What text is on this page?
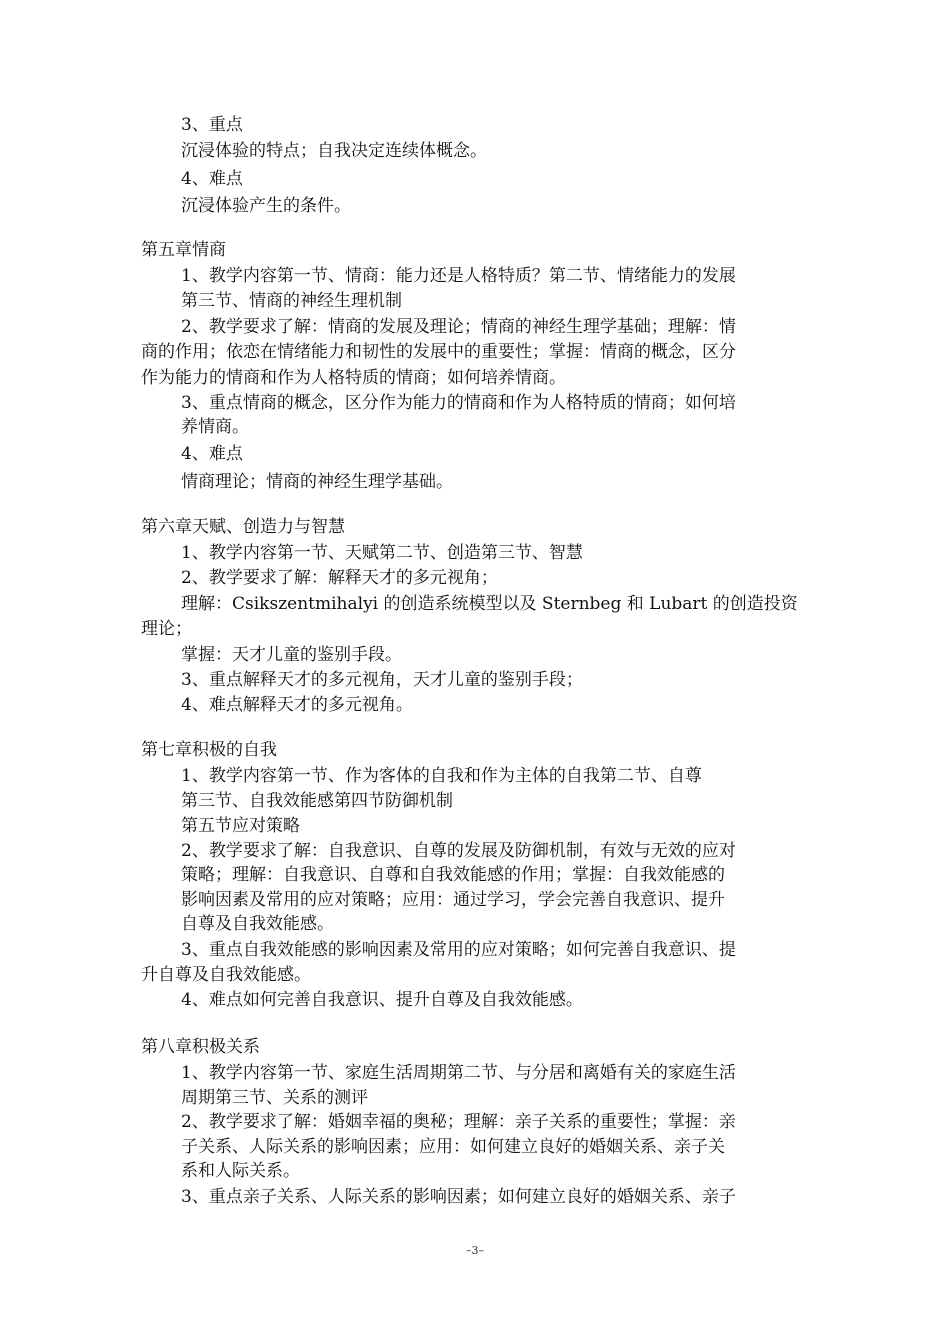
3、重点

沉浸体验的特点；自我决定连续体概念。

4、难点

沉浸体验产生的条件。

第五章情商

1、教学内容第一节、情商：能力还是人格特质？第二节、情绪能力的发展

第三节、情商的神经生理机制

2、教学要求了解：情商的发展及理论；情商的神经生理学基础；理解：情

商的作用；依恋在情绪能力和韧性的发展中的重要性；掌握：情商的概念，区分

作为能力的情商和作为人格特质的情商；如何培养情商。

3、重点情商的概念，区分作为能力的情商和作为人格特质的情商；如何培

养情商。

4、难点

情商理论；情商的神经生理学基础。

第六章天赋、创造力与智慧

1、教学内容第一节、天赋第二节、创造第三节、智慧

2、教学要求了解：解释天才的多元视角；

理解：Csikszentmihalyi 的创造系统模型以及 Sternbeg 和 Lubart 的创造投资

理论；

掌握：天才儿童的鉴别手段。

3、重点解释天才的多元视角，天才儿童的鉴别手段；

4、难点解释天才的多元视角。

第七章积极的自我

1、教学内容第一节、作为客体的自我和作为主体的自我第二节、自尊

第三节、自我效能感第四节防御机制

第五节应对策略

2、教学要求了解：自我意识、自尊的发展及防御机制，有效与无效的应对

策略；理解：自我意识、自尊和自我效能感的作用；掌握：自我效能感的

影响因素及常用的应对策略；应用：通过学习，学会完善自我意识、提升

自尊及自我效能感。

3、重点自我效能感的影响因素及常用的应对策略；如何完善自我意识、提

升自尊及自我效能感。

4、难点如何完善自我意识、提升自尊及自我效能感。

第八章积极关系

1、教学内容第一节、家庭生活周期第二节、与分居和离婚有关的家庭生活

周期第三节、关系的测评

2、教学要求了解：婚姻幸福的奥秘；理解：亲子关系的重要性；掌握：亲

子关系、人际关系的影响因素；应用：如何建立良好的婚姻关系、亲子关

系和人际关系。

3、重点亲子关系、人际关系的影响因素；如何建立良好的婚姻关系、亲子

–3–
